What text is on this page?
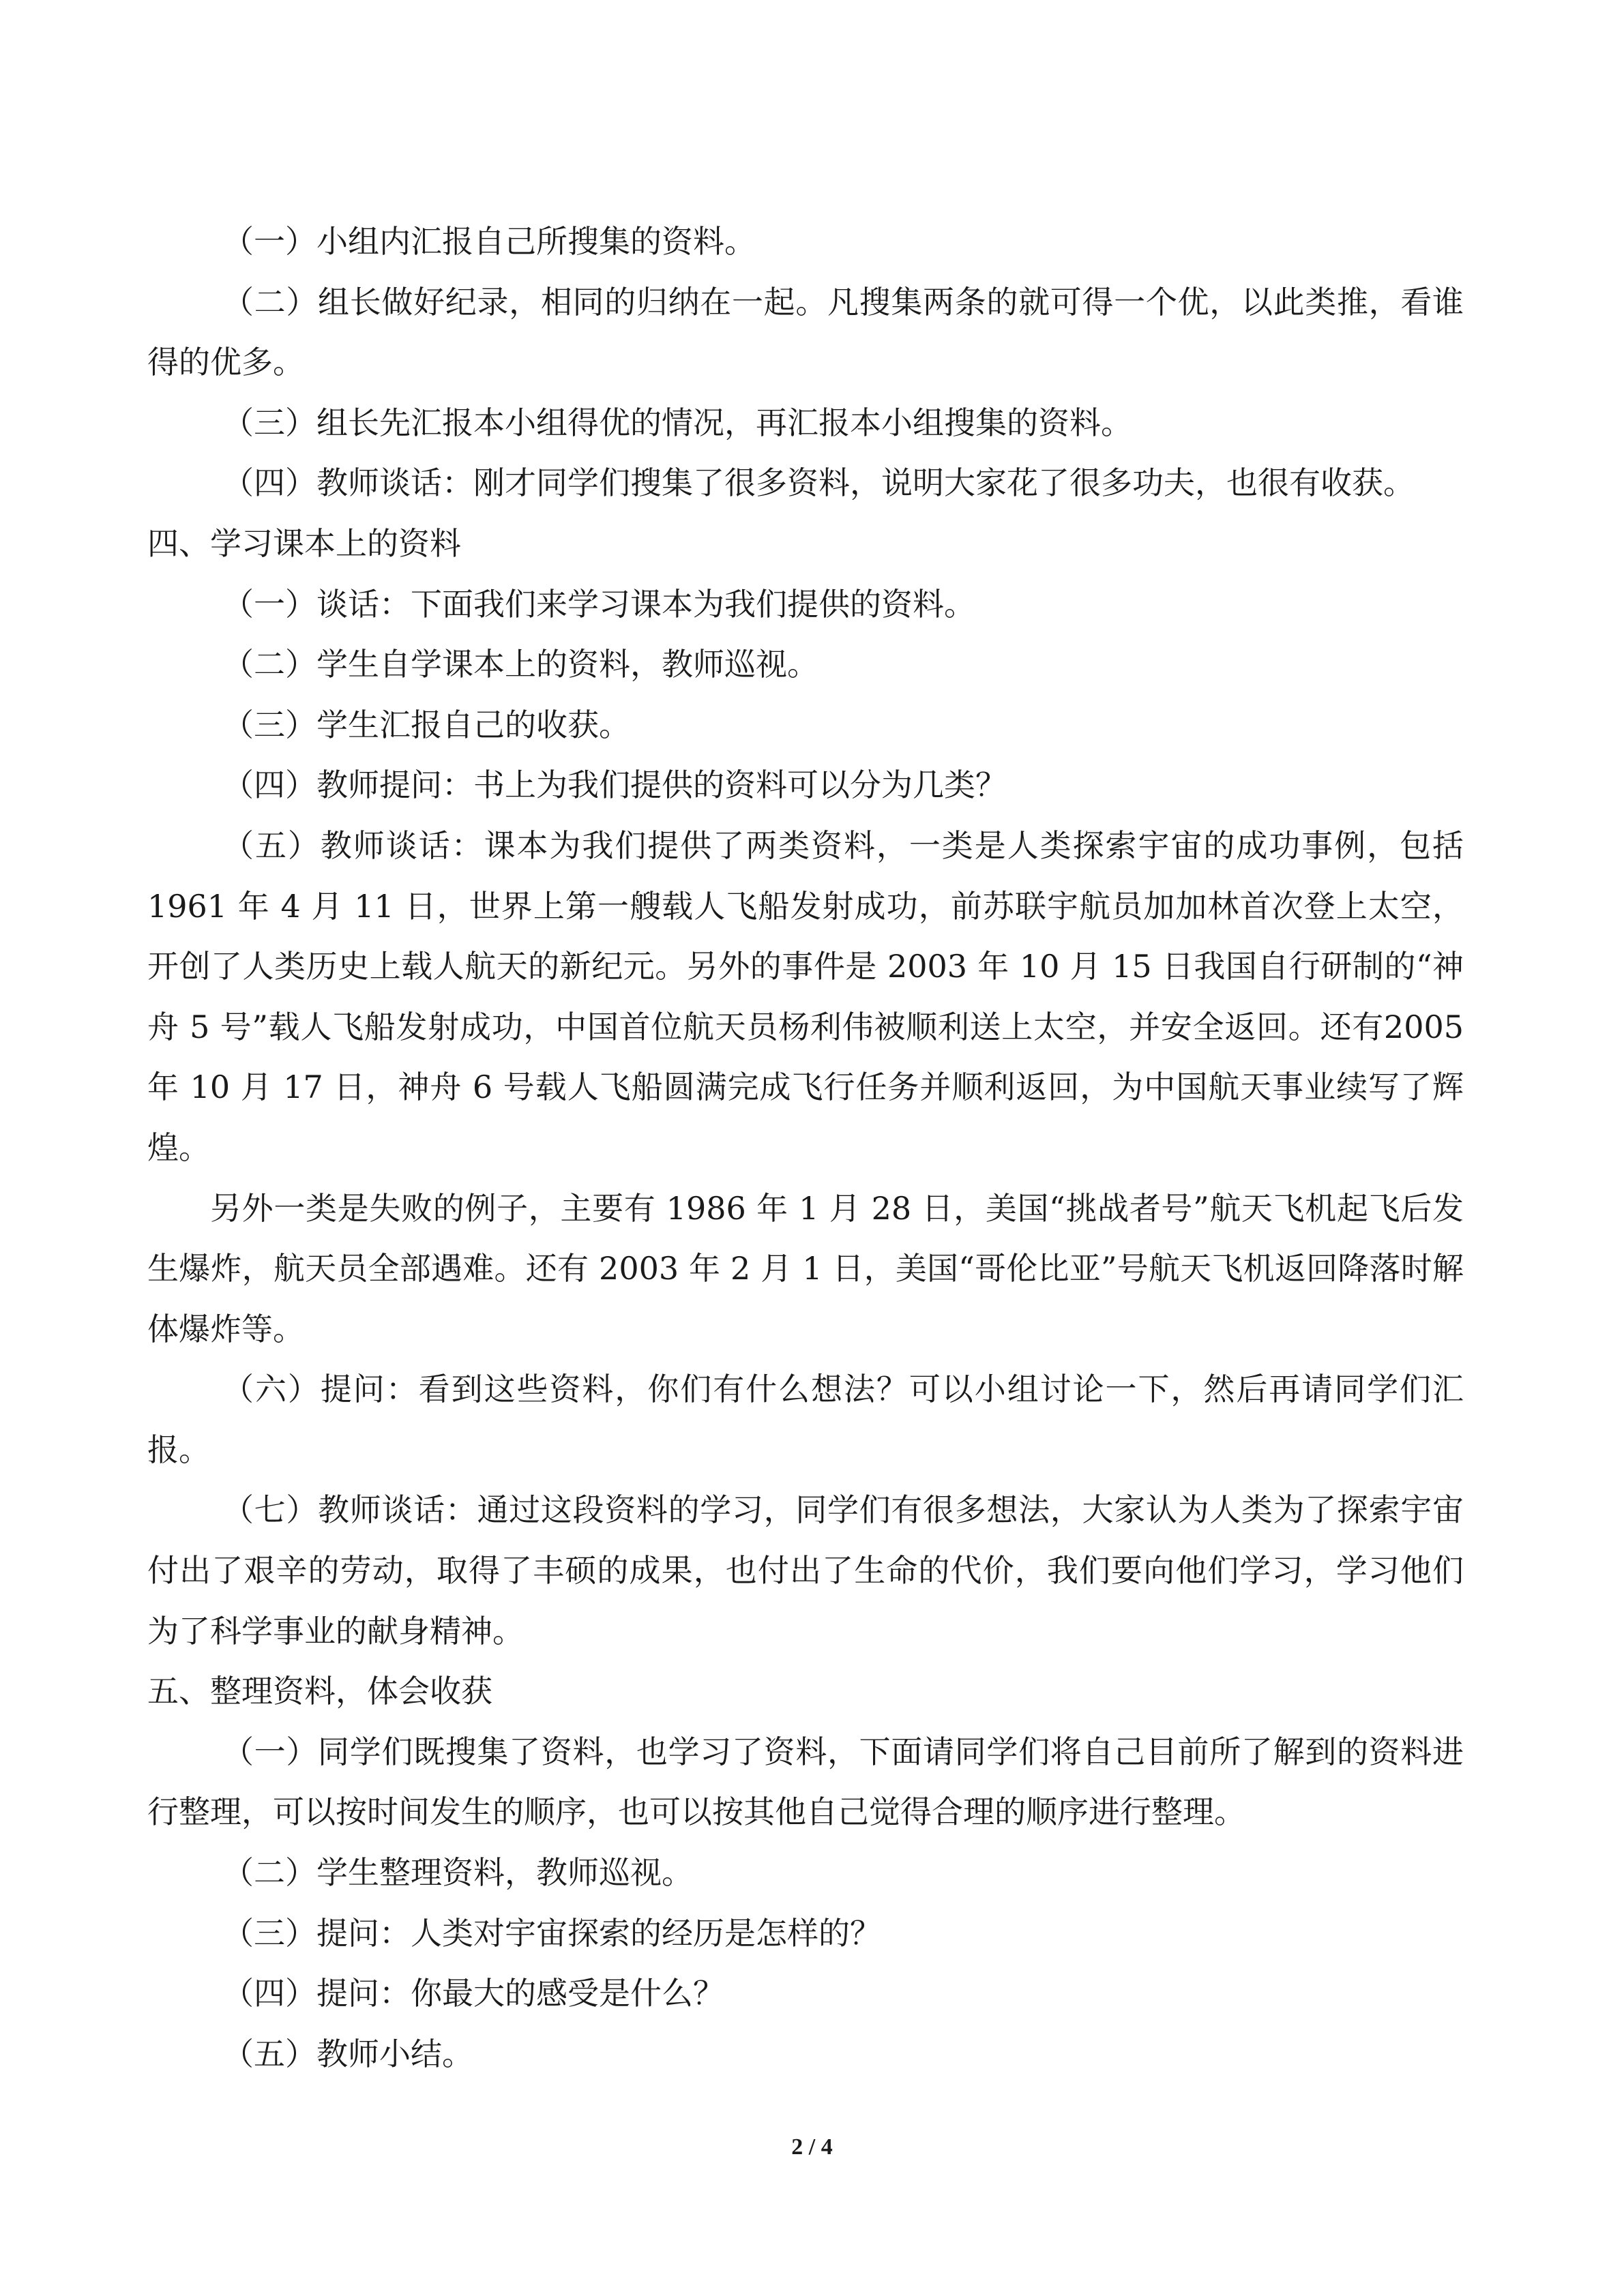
（一）小组内汇报自己所搜集的资料。

（二）组长做好纪录，相同的归纳在一起。凡搜集两条的就可得一个优，以此类推，看谁得的优多。

（三）组长先汇报本小组得优的情况，再汇报本小组搜集的资料。

（四）教师谈话：刚才同学们搜集了很多资料，说明大家花了很多功夫，也很有收获。

四、学习课本上的资料

（一）谈话：下面我们来学习课本为我们提供的资料。

（二）学生自学课本上的资料，教师巡视。

（三）学生汇报自己的收获。

（四）教师提问：书上为我们提供的资料可以分为几类？

（五）教师谈话：课本为我们提供了两类资料，一类是人类探索宇宙的成功事例，包括1961 年 4 月 11 日，世界上第一艘载人飞船发射成功，前苏联宇航员加加林首次登上太空，开创了人类历史上载人航天的新纪元。另外的事件是 2003 年 10 月 15 日我国自行研制的“神舟 5 号”载人飞船发射成功，中国首位航天员杨利伟被顺利送上太空，并安全返回。还有2005 年 10 月 17 日，神舟 6 号载人飞船圆满完成飞行任务并顺利返回，为中国航天事业续写了辉煌。

另外一类是失败的例子，主要有 1986 年 1 月 28 日，美国“挑战者号”航天飞机起飞后发生爆炸，航天员全部遇难。还有 2003 年 2 月 1 日，美国“哥伦比亚”号航天飞机返回降落时解体爆炸等。

（六）提问：看到这些资料，你们有什么想法？可以小组讨论一下，然后再请同学们汇报。

（七）教师谈话：通过这段资料的学习，同学们有很多想法，大家认为人类为了探索宇宙付出了艰辛的劳动，取得了丰硕的成果，也付出了生命的代价，我们要向他们学习，学习他们为了科学事业的献身精神。

五、整理资料，体会收获

（一）同学们既搜集了资料，也学习了资料，下面请同学们将自己目前所了解到的资料进行整理，可以按时间发生的顺序，也可以按其他自己觉得合理的顺序进行整理。

（二）学生整理资料，教师巡视。

（三）提问：人类对宇宙探索的经历是怎样的？

（四）提问：你最大的感受是什么？

（五）教师小结。

2 / 4
